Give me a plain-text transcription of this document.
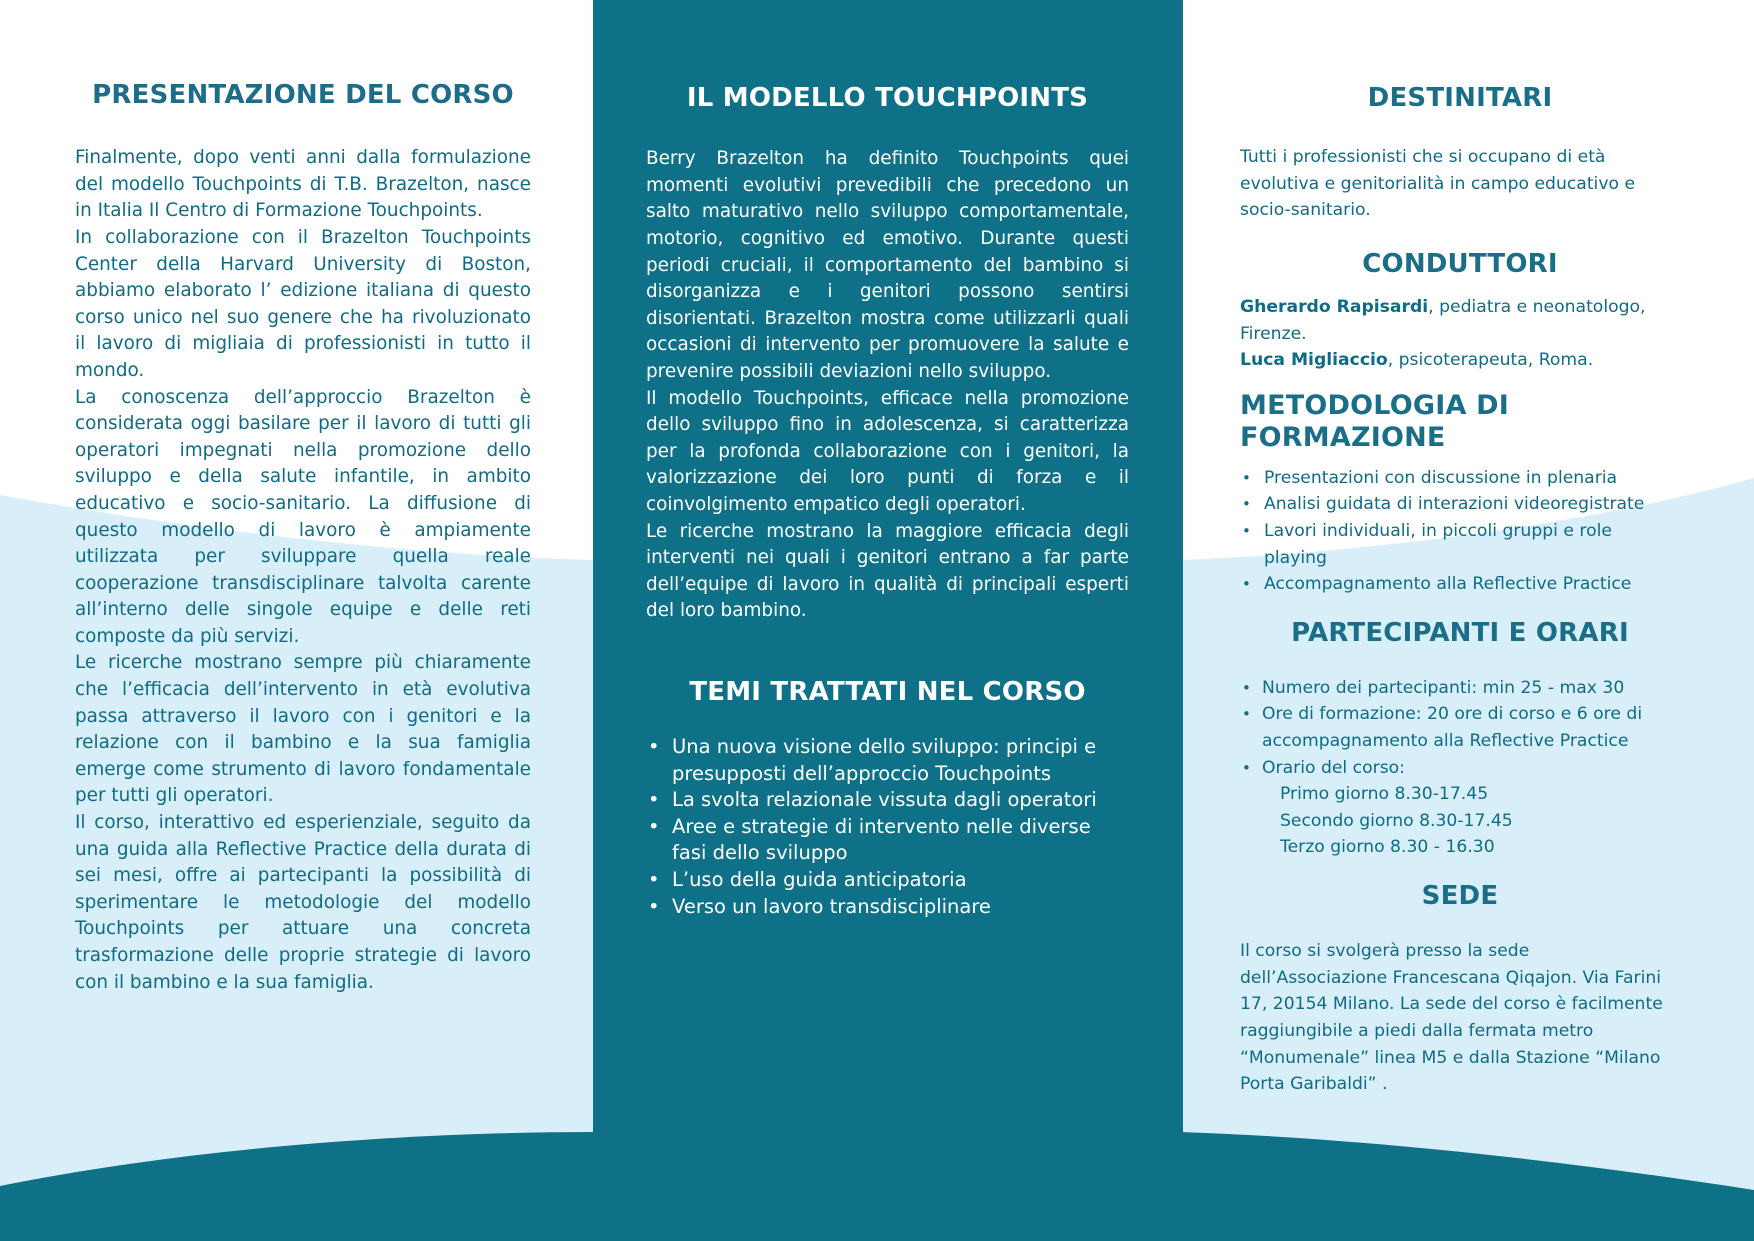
PRESENTAZIONE DEL CORSO

Finalmente, dopo venti anni dalla formulazione del modello Touchpoints di T.B. Brazelton, nasce in Italia Il Centro di Formazione Touchpoints.

In collaborazione con il Brazelton Touchpoints Center della Harvard University di Boston, abbiamo elaborato l’ edizione italiana di questo corso unico nel suo genere che ha rivoluzionato il lavoro di migliaia di professionisti in tutto il mondo.

La conoscenza dell’approccio Brazelton è considerata oggi basilare per il lavoro di tutti gli operatori impegnati nella promozione dello sviluppo e della salute infantile, in ambito educativo e socio-sanitario. La diffusione di questo modello di lavoro è ampiamente utilizzata per sviluppare quella reale cooperazione transdisciplinare talvolta carente all’interno delle singole equipe e delle reti composte da più servizi.

Le ricerche mostrano sempre più chiaramente che l’efficacia dell’intervento in età evolutiva passa attraverso il lavoro con i genitori e la relazione con il bambino e la sua famiglia emerge come strumento di lavoro fondamentale per tutti gli operatori.

Il corso, interattivo ed esperienziale, seguito da una guida alla Reflective Practice della durata di sei mesi, offre ai partecipanti la possibilità di sperimentare le metodologie del modello Touchpoints per attuare una concreta trasformazione delle proprie strategie di lavoro con il bambino e la sua famiglia.

IL MODELLO TOUCHPOINTS

Berry Brazelton ha definito Touchpoints quei momenti evolutivi prevedibili che precedono un salto maturativo nello sviluppo comportamentale, motorio, cognitivo ed emotivo. Durante questi periodi cruciali, il comportamento del bambino si disorganizza e i genitori possono sentirsi disorientati. Brazelton mostra come utilizzarli quali occasioni di intervento per promuovere la salute e prevenire possibili deviazioni nello sviluppo.

Il modello Touchpoints, efficace nella promozione dello sviluppo fino in adolescenza, si caratterizza per la profonda collaborazione con i genitori, la valorizzazione dei loro punti di forza e il coinvolgimento empatico degli operatori.

Le ricerche mostrano la maggiore efficacia degli interventi nei quali i genitori entrano a far parte dell’equipe di lavoro in qualità di principali esperti del loro bambino.

TEMI TRATTATI NEL CORSO
• Una nuova visione dello sviluppo: principi e presupposti dell’approccio Touchpoints
• La svolta relazionale vissuta dagli operatori
• Aree e strategie di intervento nelle diverse fasi dello sviluppo
• L’uso della guida anticipatoria
• Verso un lavoro transdisciplinare
DESTINITARI

Tutti i professionisti che si occupano di età evolutiva e genitorialità in campo educativo e socio-sanitario.

CONDUTTORI

Gherardo Rapisardi, pediatra e neonatologo, Firenze.

Luca Migliaccio, psicoterapeuta, Roma.

METODOLOGIA DI FORMAZIONE
• Presentazioni con discussione in plenaria
• Analisi guidata di interazioni videoregistrate
• Lavori individuali, in piccoli gruppi e role playing
• Accompagnamento alla Reflective Practice
PARTECIPANTI E ORARI
• Numero dei partecipanti: min 25 - max 30
• Ore di formazione: 20 ore di corso e 6 ore di accompagnamento alla Reflective Practice
• Orario del corso:
Primo giorno 8.30-17.45
Secondo giorno 8.30-17.45
Terzo giorno 8.30 - 16.30
SEDE

Il corso si svolgerà presso la sede dell’Associazione Francescana Qiqajon. Via Farini 17, 20154 Milano. La sede del corso è facilmente raggiungibile a piedi dalla fermata metro “Monumenale” linea M5 e dalla Stazione “Milano Porta Garibaldi” .
